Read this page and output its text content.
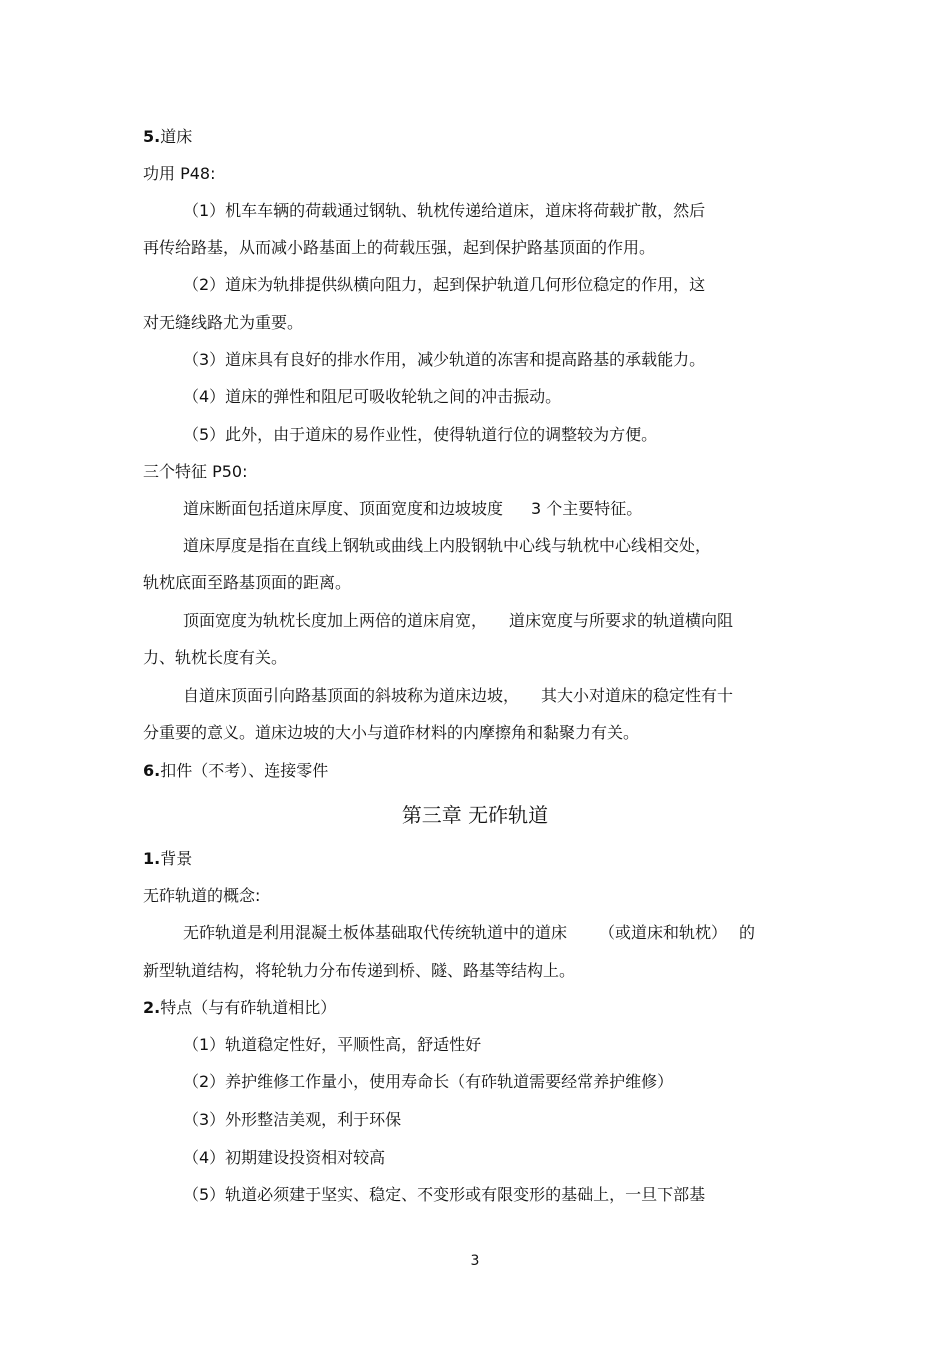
5.道床
功用 P48:
（1）机车车辆的荷载通过钢轨、轨枕传递给道床，道床将荷载扩散，然后
再传给路基，从而减小路基面上的荷载压强，起到保护路基顶面的作用。
（2）道床为轨排提供纵横向阻力，起到保护轨道几何形位稳定的作用，这
对无缝线路尤为重要。
（3）道床具有良好的排水作用，减少轨道的冻害和提高路基的承载能力。
（4）道床的弹性和阻尼可吸收轮轨之间的冲击振动。
（5）此外，由于道床的易作业性，使得轨道行位的调整较为方便。
三个特征 P50:
道床断面包括道床厚度、顶面宽度和边坡坡度 3 个主要特征。
道床厚度是指在直线上钢轨或曲线上内股钢轨中心线与轨枕中心线相交处，
轨枕底面至路基顶面的距离。
顶面宽度为轨枕长度加上两倍的道床肩宽， 道床宽度与所要求的轨道横向阻
力、轨枕长度有关。
自道床顶面引向路基顶面的斜坡称为道床边坡， 其大小对道床的稳定性有十
分重要的意义。道床边坡的大小与道砟材料的内摩擦角和黏聚力有关。
6.扣件（不考）、连接零件
第三章 无砟轨道
1.背景
无砟轨道的概念:
无砟轨道是利用混凝土板体基础取代传统轨道中的道床 （或道床和轨枕） 的
新型轨道结构，将轮轨力分布传递到桥、隧、路基等结构上。
2.特点（与有砟轨道相比）
（1）轨道稳定性好，平顺性高，舒适性好
（2）养护维修工作量小，使用寿命长（有砟轨道需要经常养护维修）
（3）外形整洁美观，利于环保
（4）初期建设投资相对较高
（5）轨道必须建于坚实、稳定、不变形或有限变形的基础上，一旦下部基
3
